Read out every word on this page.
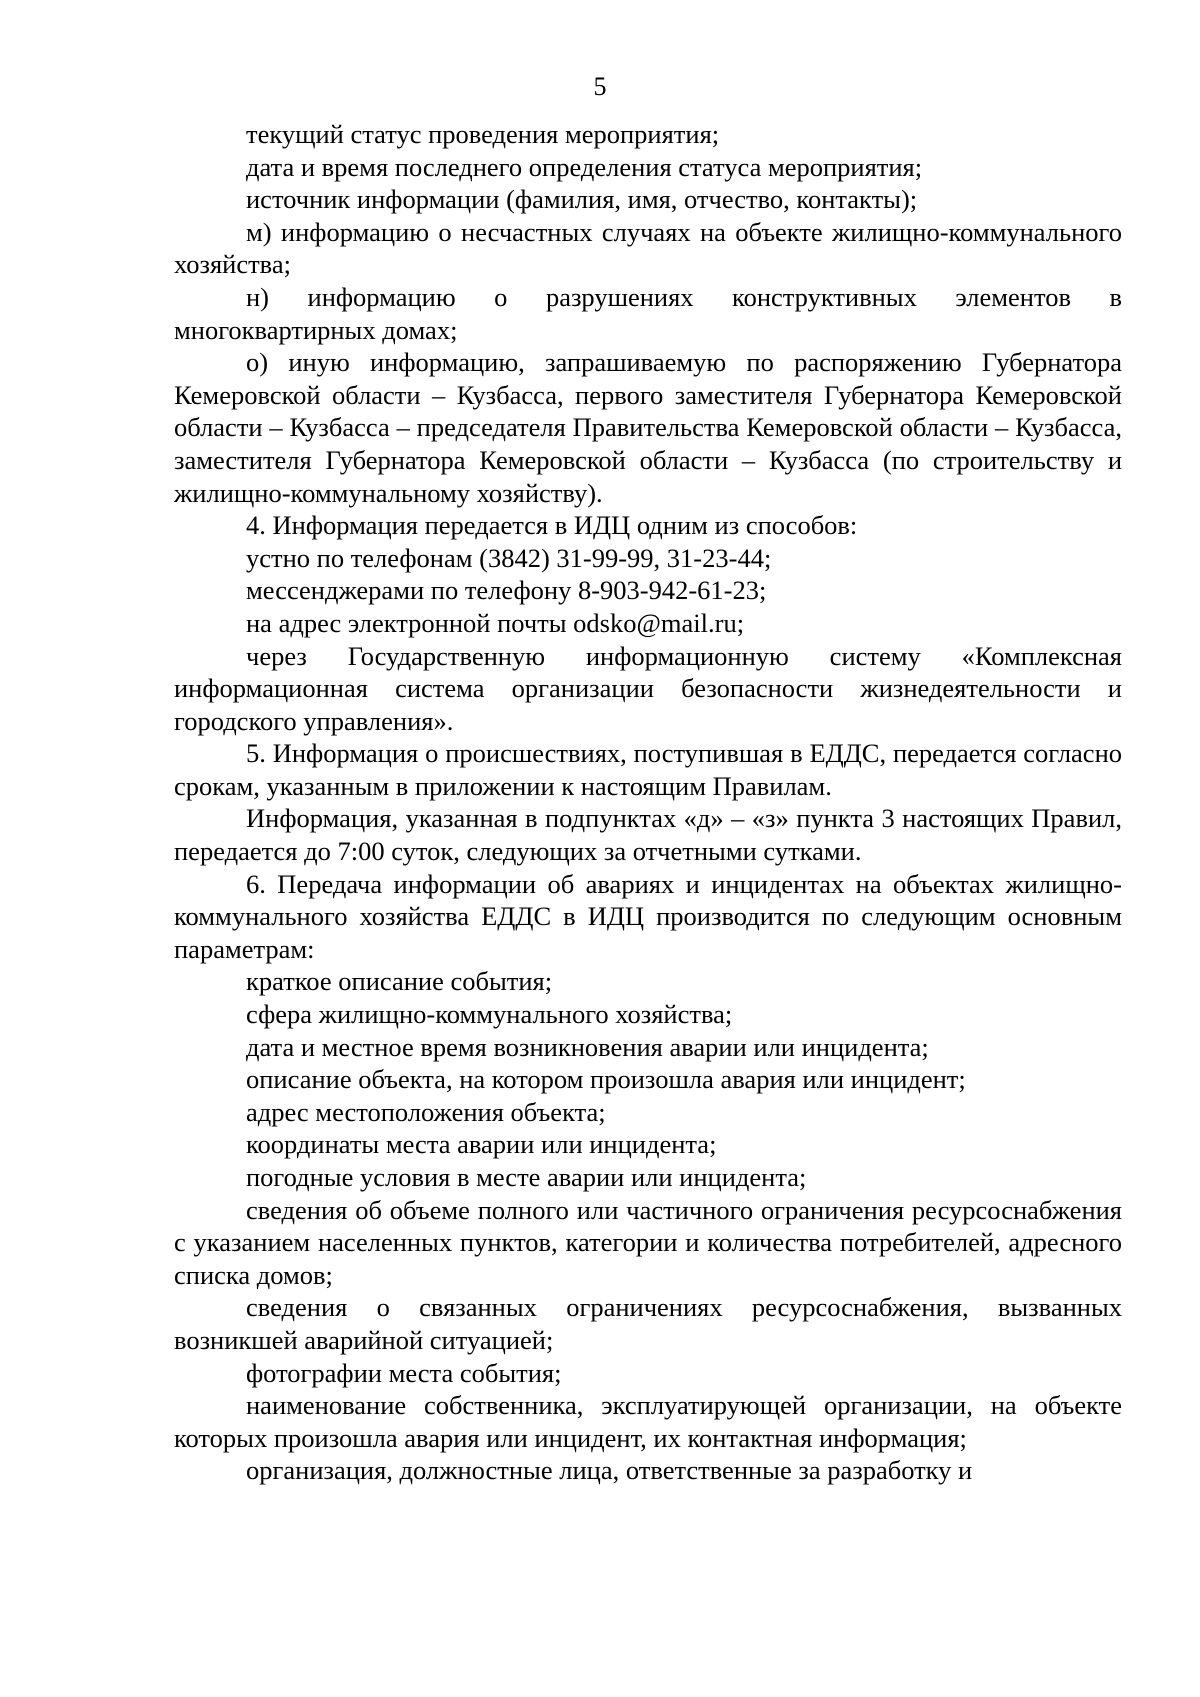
5

текущий статус проведения мероприятия;

дата и время последнего определения статуса мероприятия;

источник информации (фамилия, имя, отчество, контакты);

м) информацию о несчастных случаях на объекте жилищно-коммунального хозяйства;

н) информацию о разрушениях конструктивных элементов в многоквартирных домах;

о) иную информацию, запрашиваемую по распоряжению Губернатора Кемеровской области – Кузбасса, первого заместителя Губернатора Кемеровской области – Кузбасса – председателя Правительства Кемеровской области – Кузбасса, заместителя Губернатора Кемеровской области – Кузбасса (по строительству и жилищно-коммунальному хозяйству).

4. Информация передается в ИДЦ одним из способов:

устно по телефонам (3842) 31-99-99, 31-23-44;

мессенджерами по телефону 8-903-942-61-23;

на адрес электронной почты odsko@mail.ru;

через Государственную информационную систему «Комплексная информационная система организации безопасности жизнедеятельности и городского управления».

5. Информация о происшествиях, поступившая в ЕДДС, передается согласно срокам, указанным в приложении к настоящим Правилам.

Информация, указанная в подпунктах «д» – «з» пункта 3 настоящих Правил, передается до 7:00 суток, следующих за отчетными сутками.

6. Передача информации об авариях и инцидентах на объектах жилищно-коммунального хозяйства ЕДДС в ИДЦ производится по следующим основным параметрам:

краткое описание события;

сфера жилищно-коммунального хозяйства;

дата и местное время возникновения аварии или инцидента;

описание объекта, на котором произошла авария или инцидент;

адрес местоположения объекта;

координаты места аварии или инцидента;

погодные условия в месте аварии или инцидента;

сведения об объеме полного или частичного ограничения ресурсоснабжения с указанием населенных пунктов, категории и количества потребителей, адресного списка домов;

сведения о связанных ограничениях ресурсоснабжения, вызванных возникшей аварийной ситуацией;

фотографии места события;

наименование собственника, эксплуатирующей организации, на объекте которых произошла авария или инцидент, их контактная информация;

организация, должностные лица, ответственные за разработку и
